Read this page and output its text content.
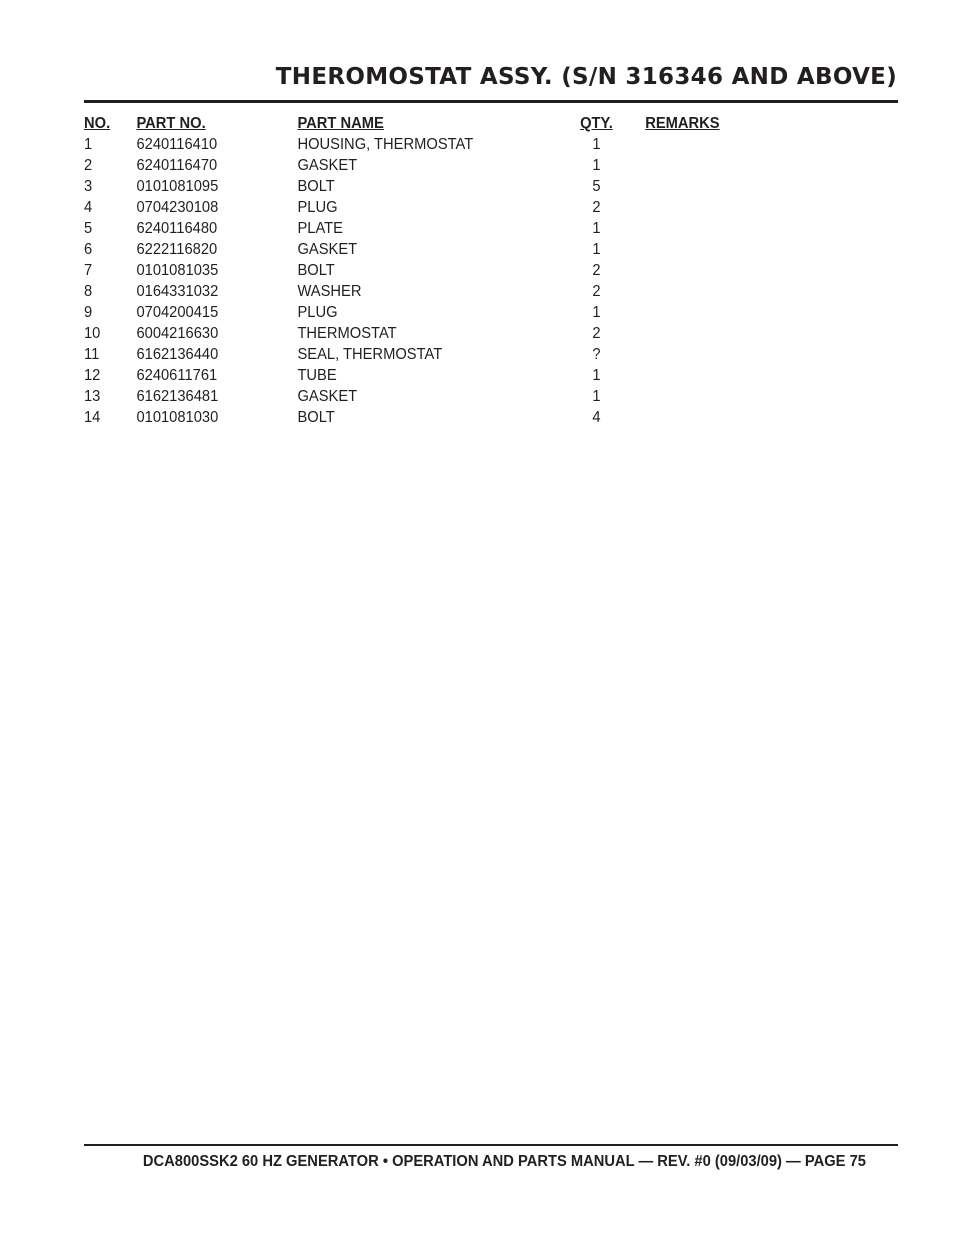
THEROMOSTAT ASSY. (S/N 316346 AND ABOVE)
NO. PART NO.	PART NAME	QTY.	REMARKS
1	6240116410	HOUSING, THERMOSTAT	1
2	6240116470	GASKET	1
3	0101081095	BOLT	5
4	0704230108	PLUG	2
5	6240116480	PLATE	1
6	6222116820	GASKET	1
7	0101081035	BOLT	2
8	0164331032	WASHER	2
9	0704200415	PLUG	1
10 6004216630	THERMOSTAT	2
11 6162136440	SEAL, THERMOSTAT	?
12 6240611761	TUBE	1
13 6162136481	GASKET	1
14 0101081030	BOLT	4
DCA800SSK2 60 HZ GENERATOR • OPERATION AND PARTS MANUAL — REV. #0 (09/03/09) — PAGE 75
